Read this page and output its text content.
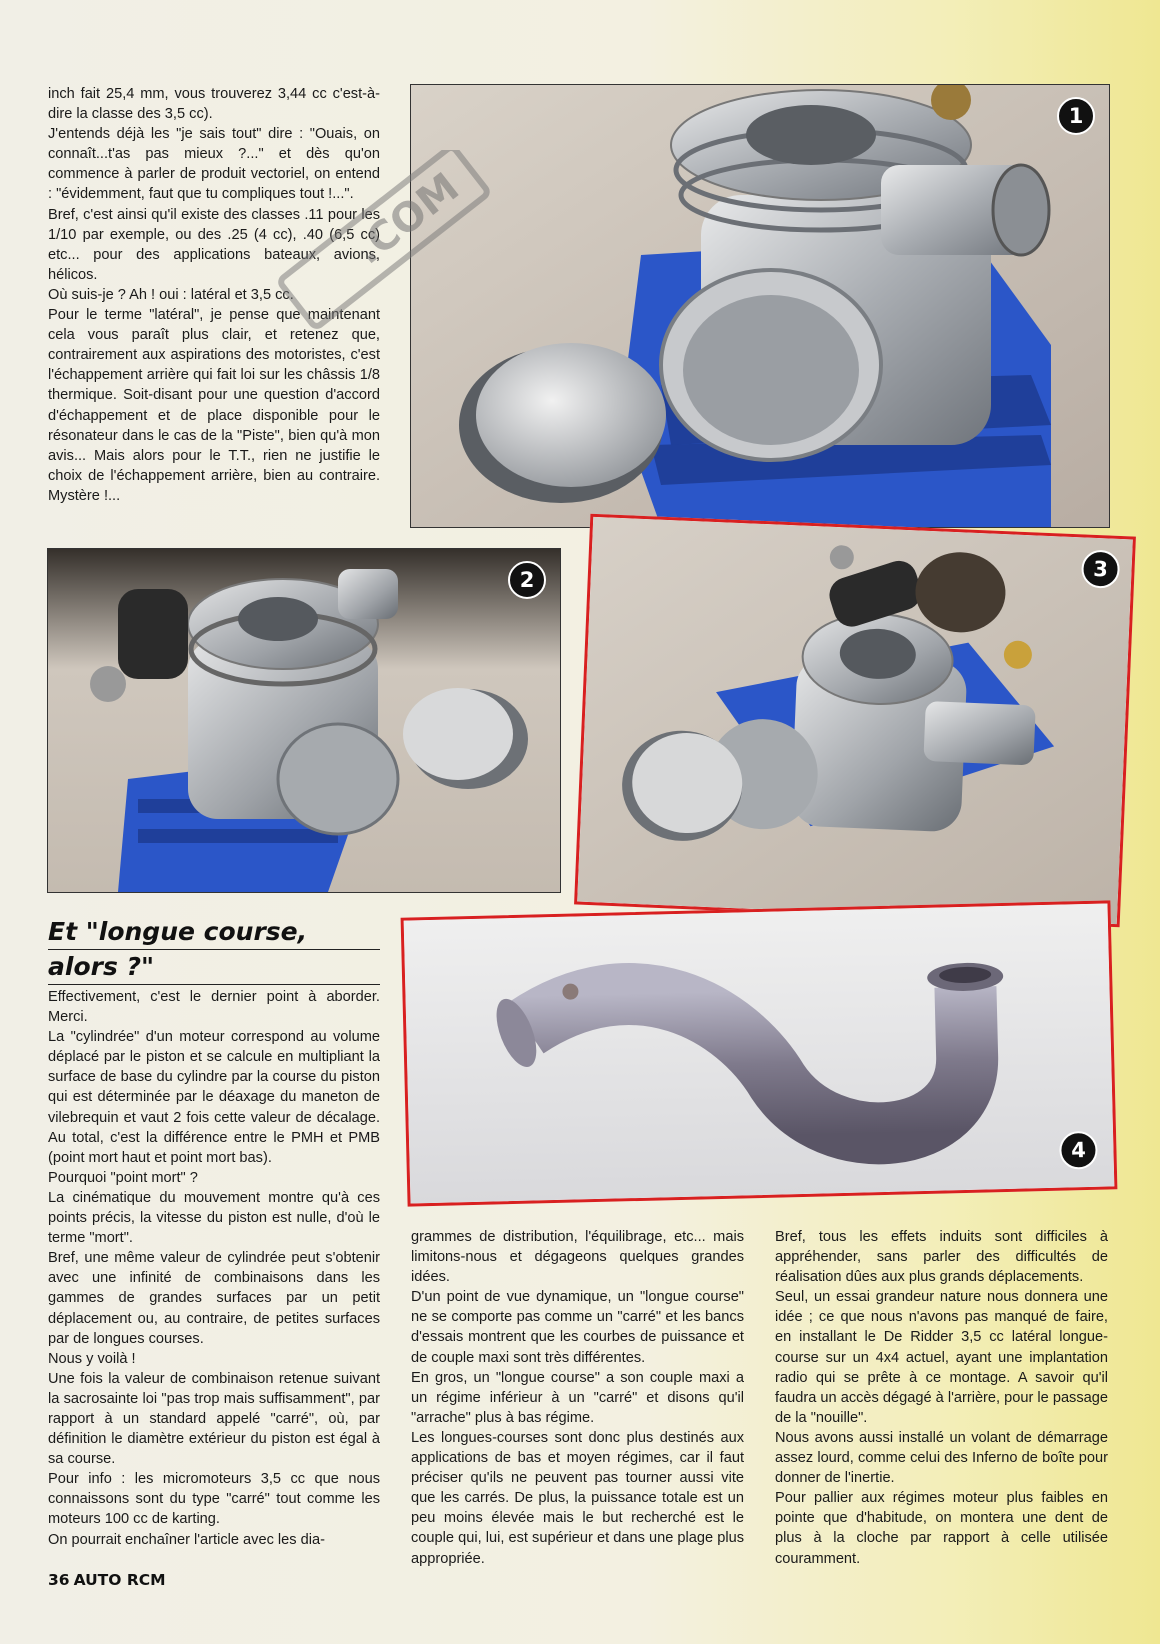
inch fait 25,4 mm, vous trouverez 3,44 cc c'est-à-dire la classe des 3,5 cc).

J'entends déjà les "je sais tout" dire : "Ouais, on connaît...t'as pas mieux ?..." et dès qu'on commence à parler de produit vectoriel, on entend : "évidemment, faut que tu compliques tout !...".

Bref, c'est ainsi qu'il existe des classes .11 pour les 1/10 par exemple, ou des .25 (4 cc), .40 (6,5 cc) etc... pour des applications bateaux, avions, hélicos.

Où suis-je ? Ah ! oui : latéral et 3,5 cc.

Pour le terme "latéral", je pense que maintenant cela vous paraît plus clair, et retenez que, contrairement aux aspirations des motoristes, c'est l'échappement arrière qui fait loi sur les châssis 1/8 thermique. Soit-disant pour une question d'accord d'échappement et de place disponible pour le résonateur dans le cas de la "Piste", bien qu'à mon avis... Mais alors pour le T.T., rien ne justifie le choix de l'échappement arrière, bien au contraire. Mystère !...

1
2	3
4
.COM
Et "longue course,
alors ?"

Effectivement, c'est le dernier point à aborder. Merci.

La "cylindrée" d'un moteur correspond au volume déplacé par le piston et se calcule en multipliant la surface de base du cylindre par la course du piston qui est déterminée par le déaxage du maneton de vilebrequin et vaut 2 fois cette valeur de décalage. Au total, c'est la différence entre le PMH et PMB (point mort haut et point mort bas).

Pourquoi "point mort" ?

La cinématique du mouvement montre qu'à ces points précis, la vitesse du piston est nulle, d'où le terme "mort".

Bref, une même valeur de cylindrée peut s'obtenir avec une infinité de combinaisons dans les gammes de grandes surfaces par un petit déplacement ou, au contraire, de petites surfaces par de longues courses.

Nous y voilà !

Une fois la valeur de combinaison retenue suivant la sacrosainte loi "pas trop mais suffisamment", par rapport à un standard appelé "carré", où, par définition le diamètre extérieur du piston est égal à sa course.

Pour info : les micromoteurs 3,5 cc que nous connaissons sont du type "carré" tout comme les moteurs 100 cc de karting.

On pourrait enchaîner l'article avec les dia-

grammes de distribution, l'équilibrage, etc... mais limitons-nous et dégageons quelques grandes idées.

D'un point de vue dynamique, un "longue course" ne se comporte pas comme un "carré" et les bancs d'essais montrent que les courbes de puissance et de couple maxi sont très différentes.

En gros, un "longue course" a son couple maxi a un régime inférieur à un "carré" et disons qu'il "arrache" plus à bas régime.

Les longues-courses sont donc plus destinés aux applications de bas et moyen régimes, car il faut préciser qu'ils ne peuvent pas tourner aussi vite que les carrés. De plus, la puissance totale est un peu moins élevée mais le but recherché est le couple qui, lui, est supérieur et dans une plage plus appropriée.

Bref, tous les effets induits sont difficiles à appréhender, sans parler des difficultés de réalisation dûes aux plus grands déplacements.

Seul, un essai grandeur nature nous donnera une idée ; ce que nous n'avons pas manqué de faire, en installant le De Ridder 3,5 cc latéral longue-course sur un 4x4 actuel, ayant une implantation radio qui se prête à ce montage. A savoir qu'il faudra un accès dégagé à l'arrière, pour le passage de la "nouille".

Nous avons aussi installé un volant de démarrage assez lourd, comme celui des Inferno de boîte pour donner de l'inertie.

Pour pallier aux régimes moteur plus faibles en pointe que d'habitude, on montera une dent de plus à la cloche par rapport à celle utilisée couramment.

36 AUTO RCM
